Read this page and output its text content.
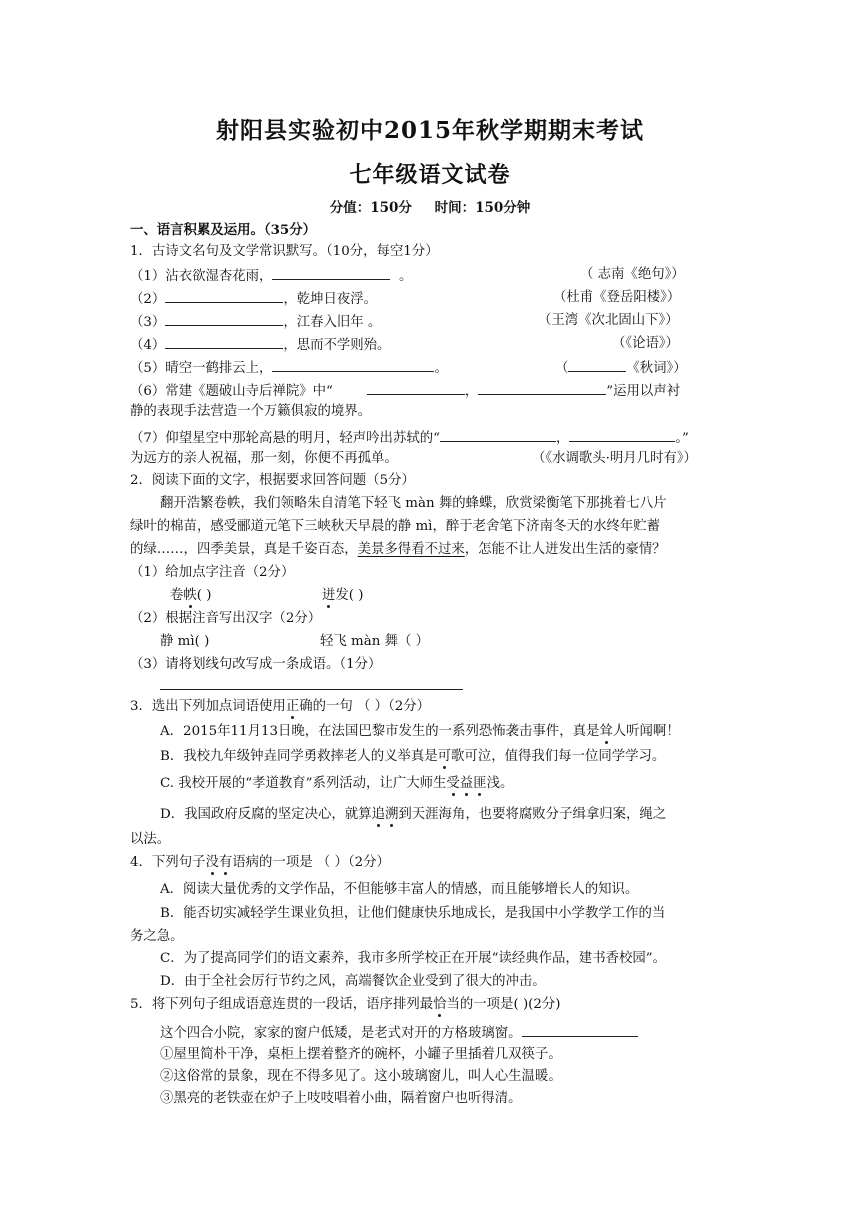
射阳县实验初中2015年秋学期期末考试
七年级语文试卷
分值：150分 时间：150分钟
一、语言积累及运用。（35分）
1．古诗文名句及文学常识默写。（10分，每空1分）
（1）沾衣欲湿杏花雨，	。	（ 志南《绝句》）
（2）	，乾坤日夜浮。	（杜甫《登岳阳楼》）
（3）	，江春入旧年 。	（王湾《次北固山下》）
（4）	，思而不学则殆。	（《论语》）
（5）晴空一鹤排云上，	。	（	《秋词》）
（6）常建《题破山寺后禅院》中“	，	”运用以声衬
静的表现手法营造一个万籁俱寂的境界。
（7）仰望星空中那轮高悬的明月，轻声吟出苏轼的“	，	。”
为远方的亲人祝福，那一刻，你便不再孤单。	（《水调歌头·明月几时有》）
2．阅读下面的文字，根据要求回答问题（5分）
翻开浩繁卷帙，我们领略朱自清笔下轻飞 màn 舞的蜂蝶，欣赏梁衡笔下那挑着七八片
绿叶的棉苗，感受郦道元笔下三峡秋天早晨的静 mì，醉于老舍笔下济南冬天的水终年贮蓄
的绿……，四季美景，真是千姿百态，美景多得看不过来，怎能不让人迸发出生活的豪情？
（1）给加点字注音（2分）
卷帙( )	迸发( )
（2）根据注音写出汉字（2分）
静 mì( )	轻飞 màn 舞（ ）
（3）请将划线句改写成一条成语。（1分）
3．选出下列加点词语使用正确的一句 （ ）（2分）
A．2015年11月13日晚，在法国巴黎市发生的一系列恐怖袭击事件，真是耸人听闻啊！
B．我校九年级钟垚同学勇救摔老人的义举真是可歌可泣，值得我们每一位同学学习。
C. 我校开展的“孝道教育”系列活动，让广大师生受益匪浅。
D．我国政府反腐的坚定决心，就算追溯到天涯海角，也要将腐败分子缉拿归案，绳之
以法。
4．下列句子没有语病的一项是 （ ）（2分）
A．阅读大量优秀的文学作品，不但能够丰富人的情感，而且能够增长人的知识。
B．能否切实减轻学生课业负担，让他们健康快乐地成长，是我国中小学教学工作的当
务之急。
C．为了提高同学们的语文素养，我市多所学校正在开展“读经典作品，建书香校园”。
D．由于全社会厉行节约之风，高端餐饮企业受到了很大的冲击。
5．将下列句子组成语意连贯的一段话，语序排列最恰当的一项是( )(2分)
这个四合小院，家家的窗户低矮，是老式对开的方格玻璃窗。
①屋里简朴干净，桌柜上摆着整齐的碗杯，小罐子里插着几双筷子。
②这俗常的景象，现在不得多见了。这小玻璃窗儿，叫人心生温暖。
③黑亮的老铁壶在炉子上吱吱唱着小曲，隔着窗户也听得清。
